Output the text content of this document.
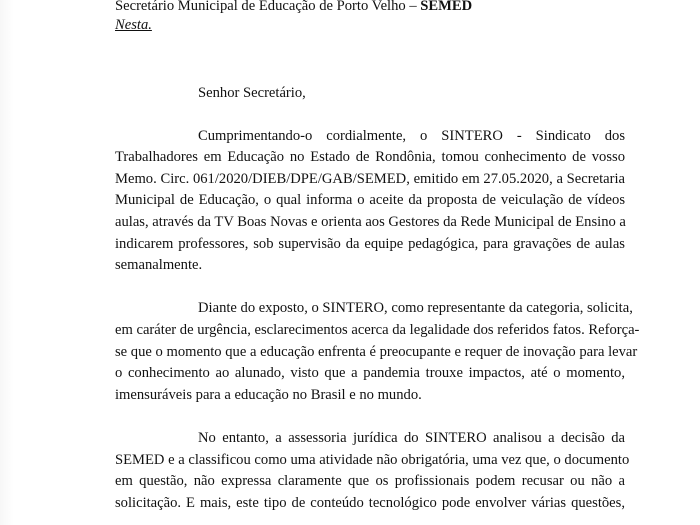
Secretário Municipal de Educação de Porto Velho – SEMED
Nesta.
Senhor Secretário,
Cumprimentando-o cordialmente, o SINTERO - Sindicato dos
Trabalhadores em Educação no Estado de Rondônia, tomou conhecimento de vosso
Memo. Circ. 061/2020/DIEB/DPE/GAB/SEMED, emitido em 27.05.2020, a Secretaria
Municipal de Educação, o qual informa o aceite da proposta de veiculação de vídeos
aulas, através da TV Boas Novas e orienta aos Gestores da Rede Municipal de Ensino a
indicarem professores, sob supervisão da equipe pedagógica, para gravações de aulas
semanalmente.
Diante do exposto, o SINTERO, como representante da categoria, solicita,
em caráter de urgência, esclarecimentos acerca da legalidade dos referidos fatos. Reforça-
se que o momento que a educação enfrenta é preocupante e requer de inovação para levar
o conhecimento ao alunado, visto que a pandemia trouxe impactos, até o momento,
imensuráveis para a educação no Brasil e no mundo.
No entanto, a assessoria jurídica do SINTERO analisou a decisão da
SEMED e a classificou como uma atividade não obrigatória, uma vez que, o documento
em questão, não expressa claramente que os profissionais podem recusar ou não a
solicitação. E mais, este tipo de conteúdo tecnológico pode envolver várias questões,
